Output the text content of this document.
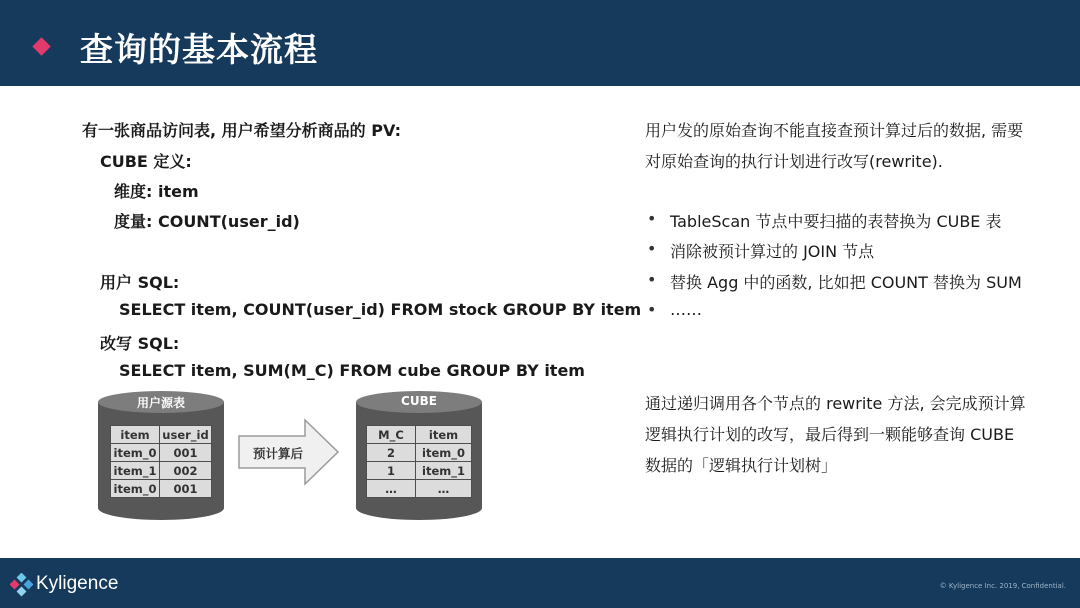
查询的基本流程
有一张商品访问表, 用户希望分析商品的 PV:
CUBE 定义:
维度: item
度量: COUNT(user_id)
用户 SQL:
SELECT item, COUNT(user_id) FROM stock GROUP BY item
改写 SQL:
SELECT item, SUM(M_C) FROM cube GROUP BY item
用户源表
item	user_id
item_0	001
item_1	002
item_0	001
预计算后
CUBE
M_C	item
2	item_0
1	item_1
…	…
用户发的原始查询不能直接查预计算过后的数据, 需要
对原始查询的执行计划进行改写(rewrite).
• TableScan 节点中要扫描的表替换为 CUBE 表
• 消除被预计算过的 JOIN 节点
• 替换 Agg 中的函数, 比如把 COUNT 替换为 SUM
• ……
通过递归调用各个节点的 rewrite 方法, 会完成预计算
逻辑执行计划的改写，最后得到一颗能够查询 CUBE
数据的「逻辑执行计划树」
Kyligence	© Kyligence Inc. 2019, Confidential.
